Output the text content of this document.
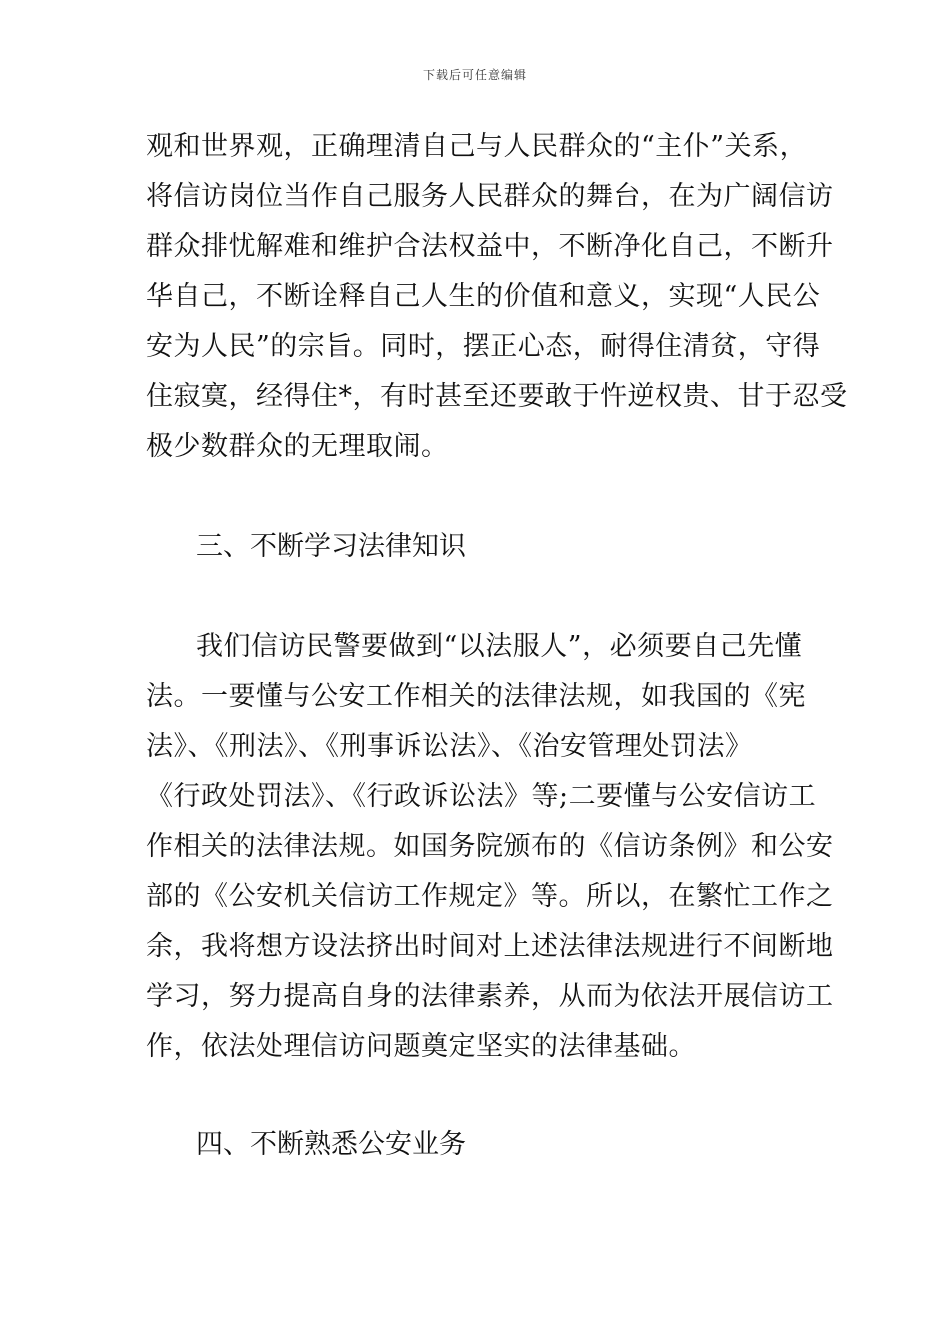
下载后可任意编辑
观和世界观，正确理清自己与人民群众的“主仆”关系，
将信访岗位当作自己服务人民群众的舞台，在为广阔信访
群众排忧解难和维护合法权益中，不断净化自己，不断升
华自己，不断诠释自己人生的价值和意义，实现“人民公
安为人民”的宗旨。同时，摆正心态，耐得住清贫，守得
住寂寞，经得住*，有时甚至还要敢于忤逆权贵、甘于忍受
极少数群众的无理取闹。
三、不断学习法律知识
我们信访民警要做到“以法服人”，必须要自己先懂
法。一要懂与公安工作相关的法律法规，如我国的《宪
法》、《刑法》、《刑事诉讼法》、《治安管理处罚法》
《行政处罚法》、《行政诉讼法》等;二要懂与公安信访工
作相关的法律法规。如国务院颁布的《信访条例》和公安
部的《公安机关信访工作规定》等。所以，在繁忙工作之
余，我将想方设法挤出时间对上述法律法规进行不间断地
学习，努力提高自身的法律素养，从而为依法开展信访工
作，依法处理信访问题奠定坚实的法律基础。
四、不断熟悉公安业务
